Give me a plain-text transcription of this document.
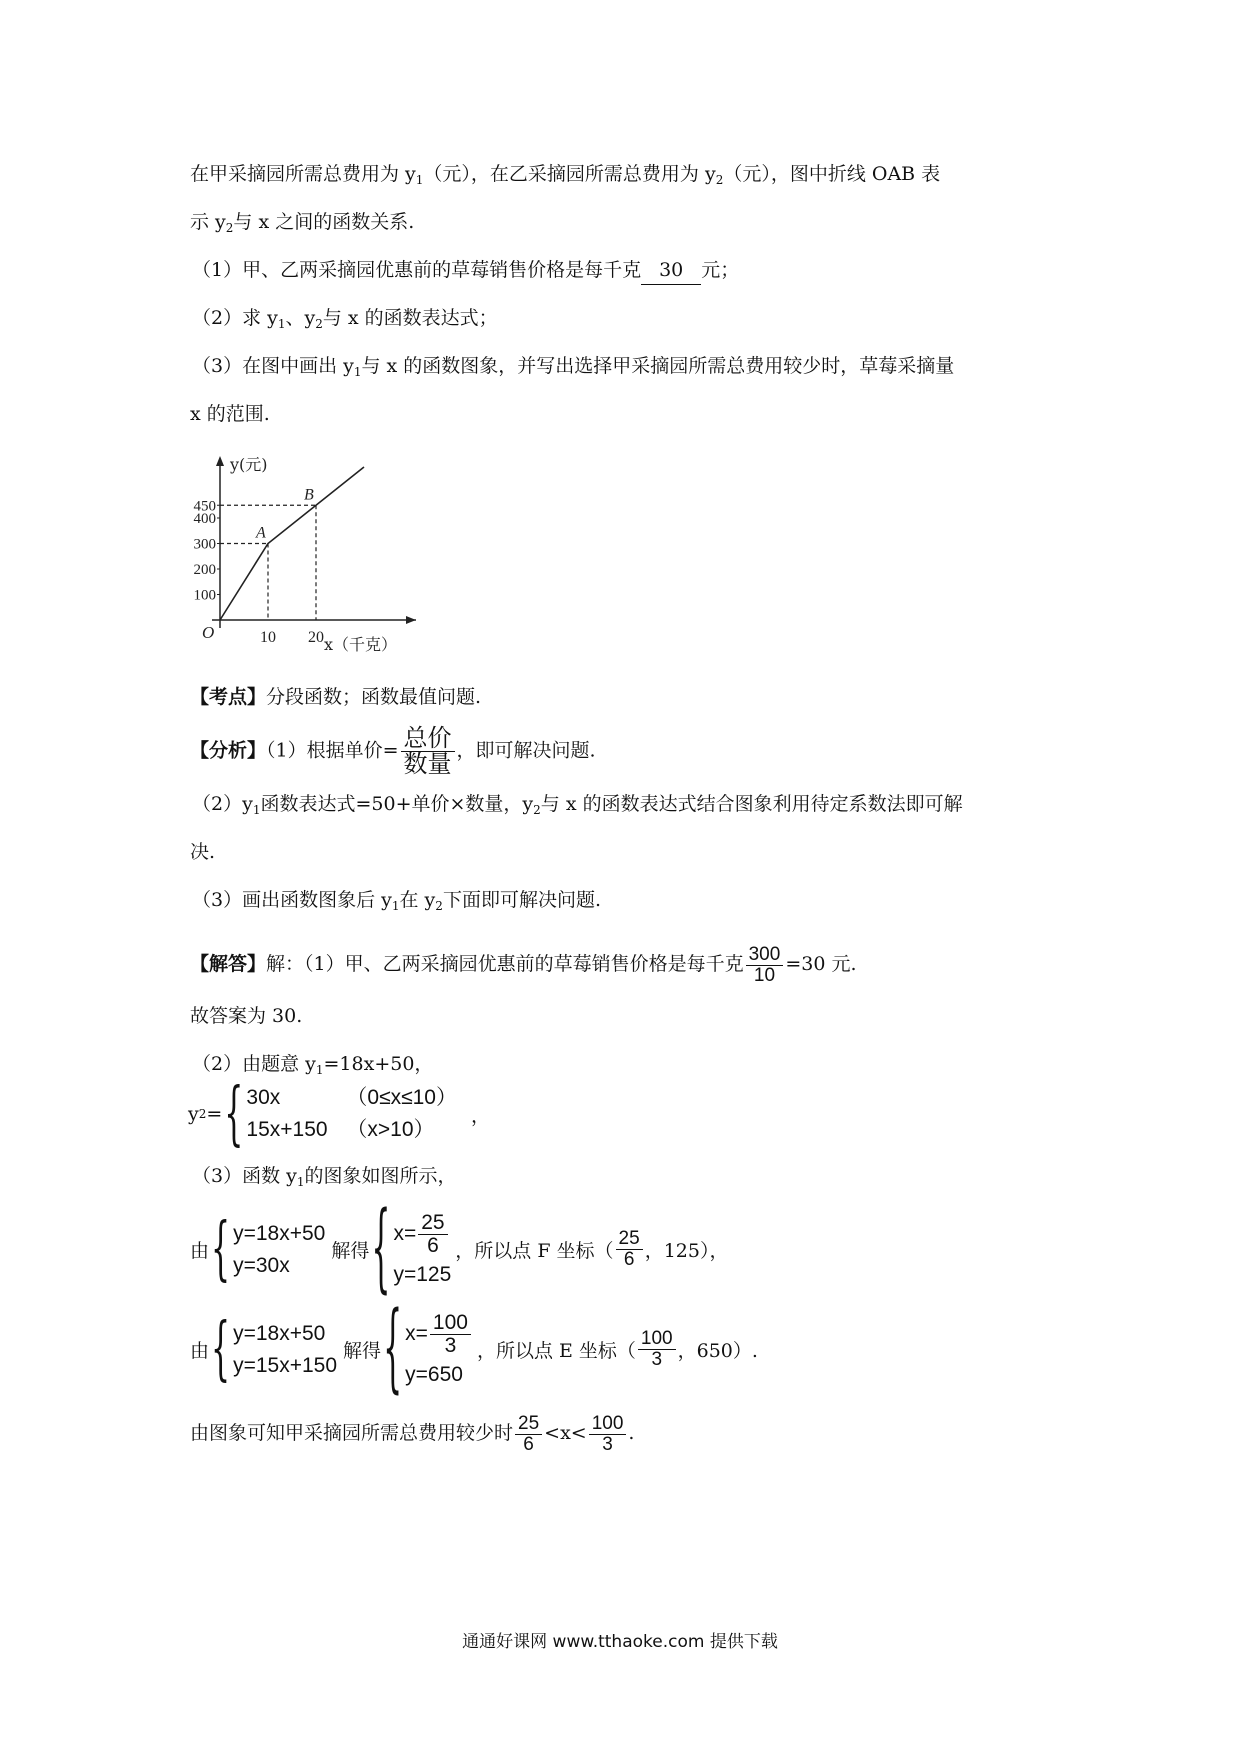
在甲采摘园所需总费用为 $y_1$（元），在乙采摘园所需总费用为 $y_2$（元），图中折线 OAB 表
示 $y_2$与 x 之间的函数关系.
（1）甲、乙两采摘园优惠前的草莓销售价格是每千克 30 元；
（2）求 $y_1$、$y_2$与 x 的函数表达式；
（3）在图中画出 $y_1$与 x 的函数图象，并写出选择甲采摘园所需总费用较少时，草莓采摘量
x 的范围.
450
400
300
200
100
10 20
O
y(元)
x（千克）
A
B
【考点】分段函数；函数最值问题.
【分析】（1）根据单价= $\frac{\text{总价}}{\text{数量}}$ ，即可解决问题.
$(2)y_1$函数表达式=50+单价×数量，$y_2$与 x 的函数表达式结合图象利用待定系数法即可解
决.
（3）画出函数图象后 $y_1$在 $y_2$下面即可解决问题.
【解答】解：（1）甲、乙两采摘园优惠前的草莓销售价格是每千克 $\frac{300}{10} =30$ 元.
故答案为 30.
（2）由题意 $y_1=18x+50$，
y 2 = { 30x	（0≤x≤10）
15x+150 （x>10）
，
（3）函数 $y_1$的图象如图所示，
由 { y=18x+50
y=30x
解得 { $x= \frac{25}{6}$
y=125
，所以点 F 坐标（ $\frac{25}{6}$ ，125），
由 { y=18x+50
y=15x+150
解得 { $x= \frac{100}{3}$
y=650
，所以点 E 坐标（ $\frac{100}{3}$ ，650）.
由图象可知甲采摘园所需总费用较少时 $\frac{25}{6} <x< \frac{100}{3}$ .
通通好课网 www.tthaoke.com 提供下载
